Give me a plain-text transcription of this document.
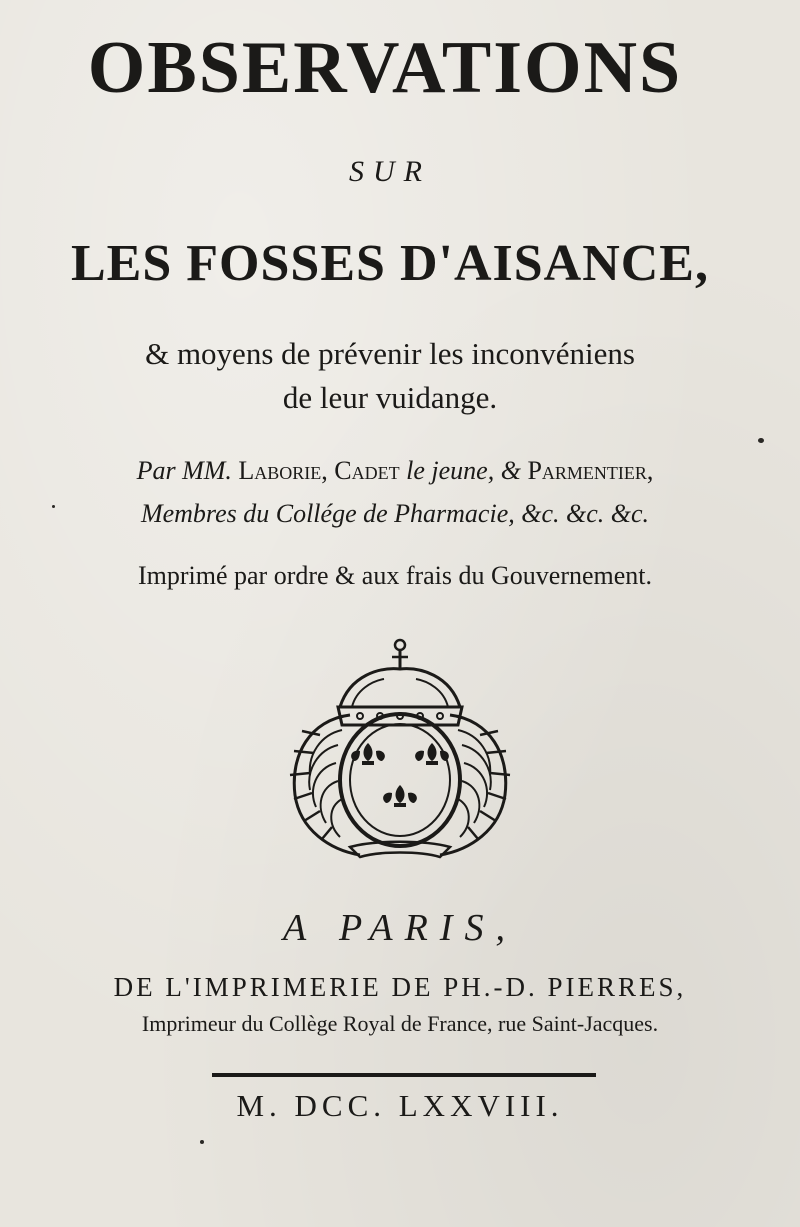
OBSERVATIONS
SUR
LES FOSSES D'AISANCE,
& moyens de prévenir les inconvéniens
de leur vuidange.
Par MM. Laborie, Cadet le jeune, & Parmentier,
Membres du Collége de Pharmacie, &c. &c. &c.
Imprimé par ordre & aux frais du Gouvernement.
A PARIS,
DE L'IMPRIMERIE DE PH.-D. PIERRES,
Imprimeur du Collège Royal de France, rue Saint-Jacques.
M. DCC. LXXVIII.
